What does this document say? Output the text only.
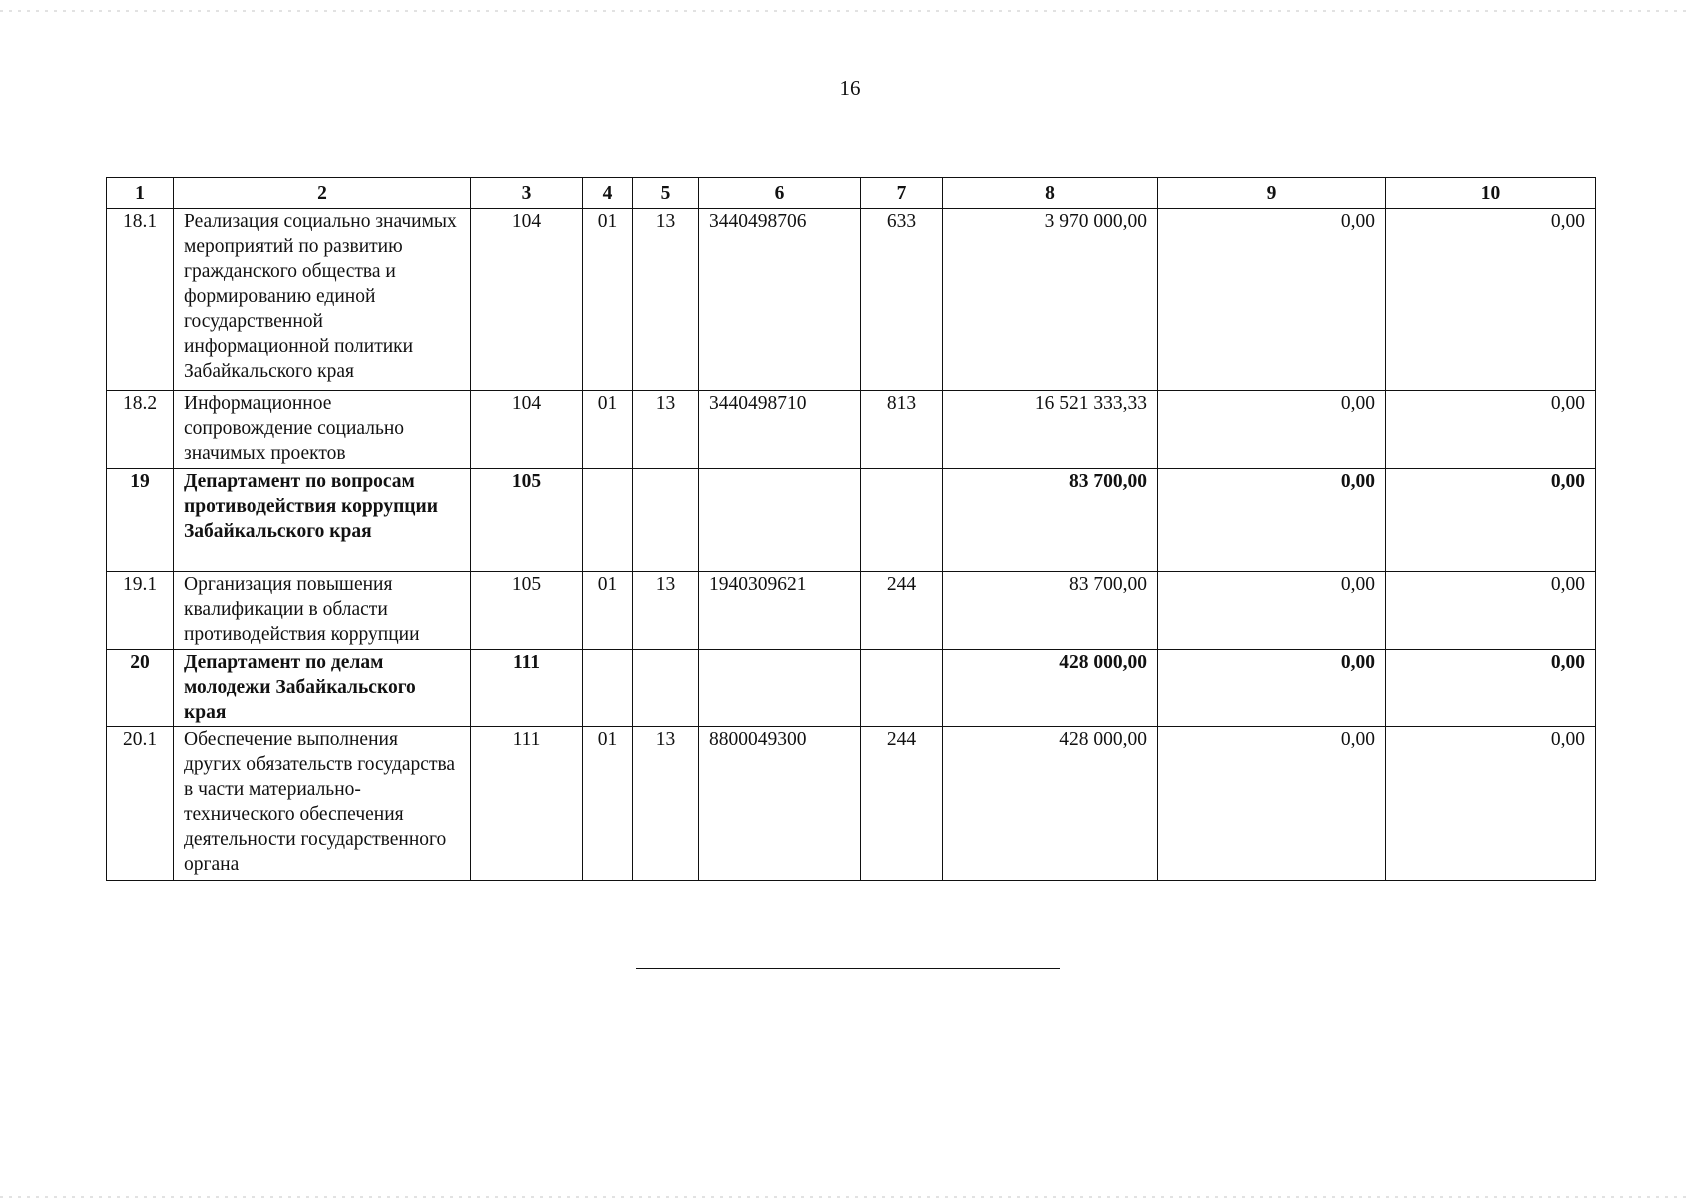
16
1	2	3	4	5	6	7	8	9	10
18.1	Реализация социально значимых мероприятий по развитию гражданского общества и формированию единой государственной информационной политики Забайкальского края	104	01	13	3440498706	633	3 970 000,00	0,00	0,00
18.2	Информационное сопровождение социально значимых проектов	104	01	13	3440498710	813	16 521 333,33	0,00	0,00
19	Департамент по вопросам противодействия коррупции Забайкальского края	105					83 700,00	0,00	0,00
19.1	Организация повышения квалификации в области противодействия коррупции	105	01	13	1940309621	244	83 700,00	0,00	0,00
20	Департамент по делам молодежи Забайкальского края	111					428 000,00	0,00	0,00
20.1	Обеспечение выполнения других обязательств государства в части материально-технического обеспечения деятельности государственного органа	111	01	13	8800049300	244	428 000,00	0,00	0,00
